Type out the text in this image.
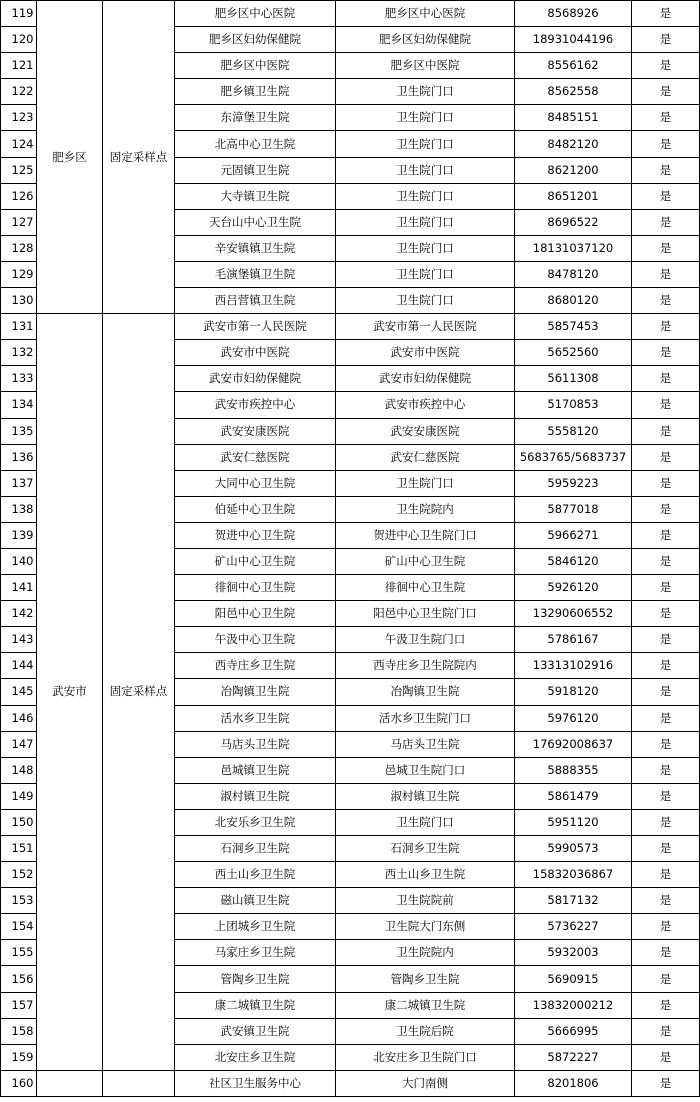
119	肥乡区	固定采样点	肥乡区中心医院	肥乡区中心医院	8568926	是
120			肥乡区妇幼保健院	肥乡区妇幼保健院	18931044196	是
121			肥乡区中医院	肥乡区中医院	8556162	是
122			肥乡镇卫生院	卫生院门口	8562558	是
123			东漳堡卫生院	卫生院门口	8485151	是
124			北高中心卫生院	卫生院门口	8482120	是
125			元固镇卫生院	卫生院门口	8621200	是
126			大寺镇卫生院	卫生院门口	8651201	是
127			天台山中心卫生院	卫生院门口	8696522	是
128			辛安镇镇卫生院	卫生院门口	18131037120	是
129			毛演堡镇卫生院	卫生院门口	8478120	是
130			西吕营镇卫生院	卫生院门口	8680120	是
131	武安市	固定采样点	武安市第一人民医院	武安市第一人民医院	5857453	是
132			武安市中医院	武安市中医院	5652560	是
133			武安市妇幼保健院	武安市妇幼保健院	5611308	是
134			武安市疾控中心	武安市疾控中心	5170853	是
135			武安安康医院	武安安康医院	5558120	是
136			武安仁慈医院	武安仁慈医院	5683765/5683737	是
137			大同中心卫生院	卫生院门口	5959223	是
138			伯延中心卫生院	卫生院院内	5877018	是
139			贺进中心卫生院	贺进中心卫生院门口	5966271	是
140			矿山中心卫生院	矿山中心卫生院	5846120	是
141			徘徊中心卫生院	徘徊中心卫生院	5926120	是
142			阳邑中心卫生院	阳邑中心卫生院门口	13290606552	是
143			午汲中心卫生院	午汲卫生院门口	5786167	是
144			西寺庄乡卫生院	西寺庄乡卫生院院内	13313102916	是
145			冶陶镇卫生院	冶陶镇卫生院	5918120	是
146			活水乡卫生院	活水乡卫生院门口	5976120	是
147			马店头卫生院	马店头卫生院	17692008637	是
148			邑城镇卫生院	邑城卫生院门口	5888355	是
149			淑村镇卫生院	淑村镇卫生院	5861479	是
150			北安乐乡卫生院	卫生院门口	5951120	是
151			石洞乡卫生院	石洞乡卫生院	5990573	是
152			西土山乡卫生院	西土山乡卫生院	15832036867	是
153			磁山镇卫生院	卫生院院前	5817132	是
154			上团城乡卫生院	卫生院大门东侧	5736227	是
155			马家庄乡卫生院	卫生院院内	5932003	是
156			管陶乡卫生院	管陶乡卫生院	5690915	是
157			康二城镇卫生院	康二城镇卫生院	13832000212	是
158			武安镇卫生院	卫生院后院	5666995	是
159			北安庄乡卫生院	北安庄乡卫生院门口	5872227	是
160			社区卫生服务中心	大门南侧	8201806	是
